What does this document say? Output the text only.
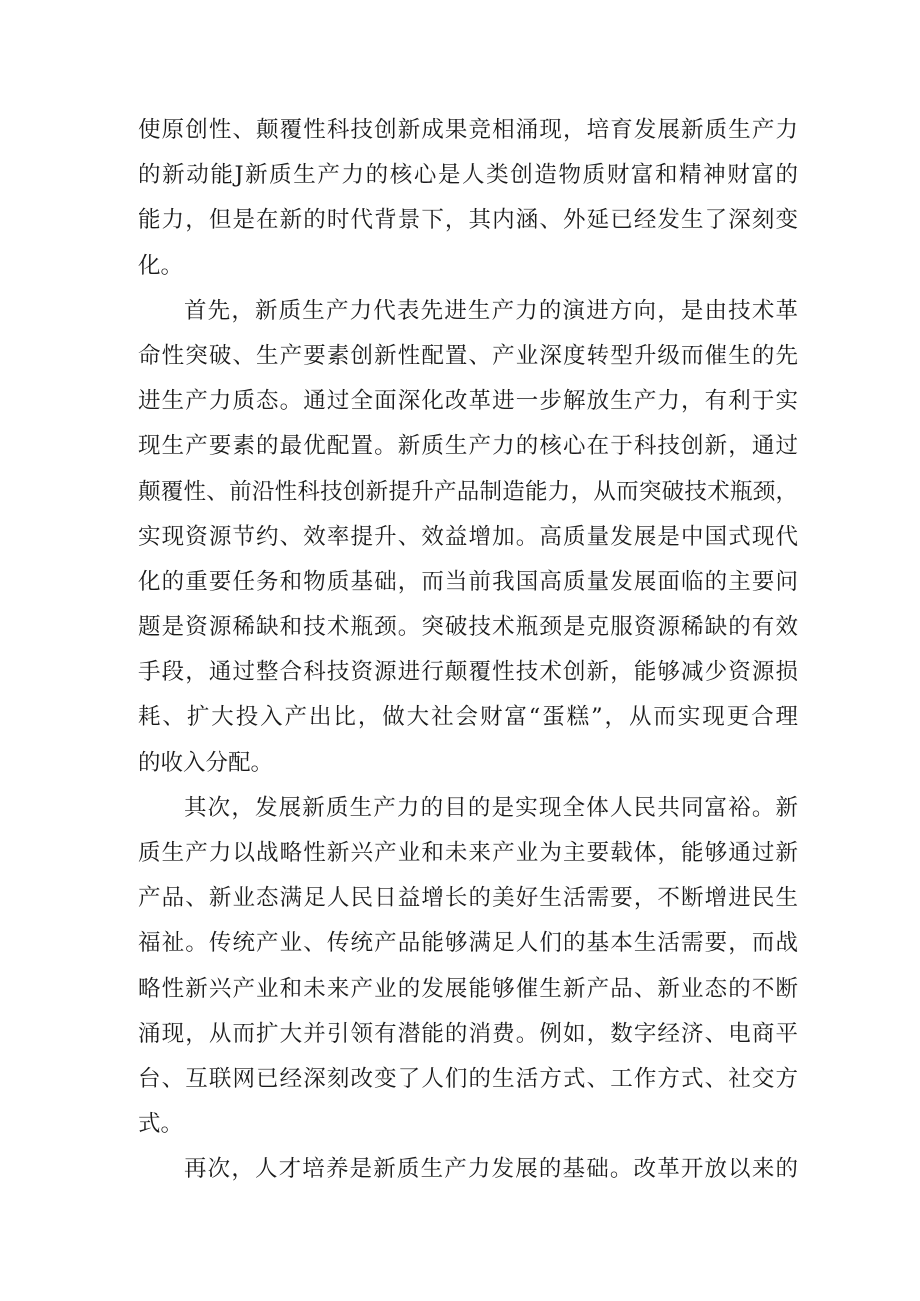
使原创性、颠覆性科技创新成果竞相涌现，培育发展新质生产力
的新动能J新质生产力的核心是人类创造物质财富和精神财富的
能力，但是在新的时代背景下，其内涵、外延已经发生了深刻变
化。
首先，新质生产力代表先进生产力的演进方向，是由技术革
命性突破、生产要素创新性配置、产业深度转型升级而催生的先
进生产力质态。通过全面深化改革进一步解放生产力，有利于实
现生产要素的最优配置。新质生产力的核心在于科技创新，通过
颠覆性、前沿性科技创新提升产品制造能力，从而突破技术瓶颈，
实现资源节约、效率提升、效益增加。高质量发展是中国式现代
化的重要任务和物质基础，而当前我国高质量发展面临的主要问
题是资源稀缺和技术瓶颈。突破技术瓶颈是克服资源稀缺的有效
手段，通过整合科技资源进行颠覆性技术创新，能够减少资源损
耗、扩大投入产出比，做大社会财富“蛋糕”，从而实现更合理
的收入分配。
其次，发展新质生产力的目的是实现全体人民共同富裕。新
质生产力以战略性新兴产业和未来产业为主要载体，能够通过新
产品、新业态满足人民日益增长的美好生活需要，不断增进民生
福祉。传统产业、传统产品能够满足人们的基本生活需要，而战
略性新兴产业和未来产业的发展能够催生新产品、新业态的不断
涌现，从而扩大并引领有潜能的消费。例如，数字经济、电商平
台、互联网已经深刻改变了人们的生活方式、工作方式、社交方
式。
再次，人才培养是新质生产力发展的基础。改革开放以来的
